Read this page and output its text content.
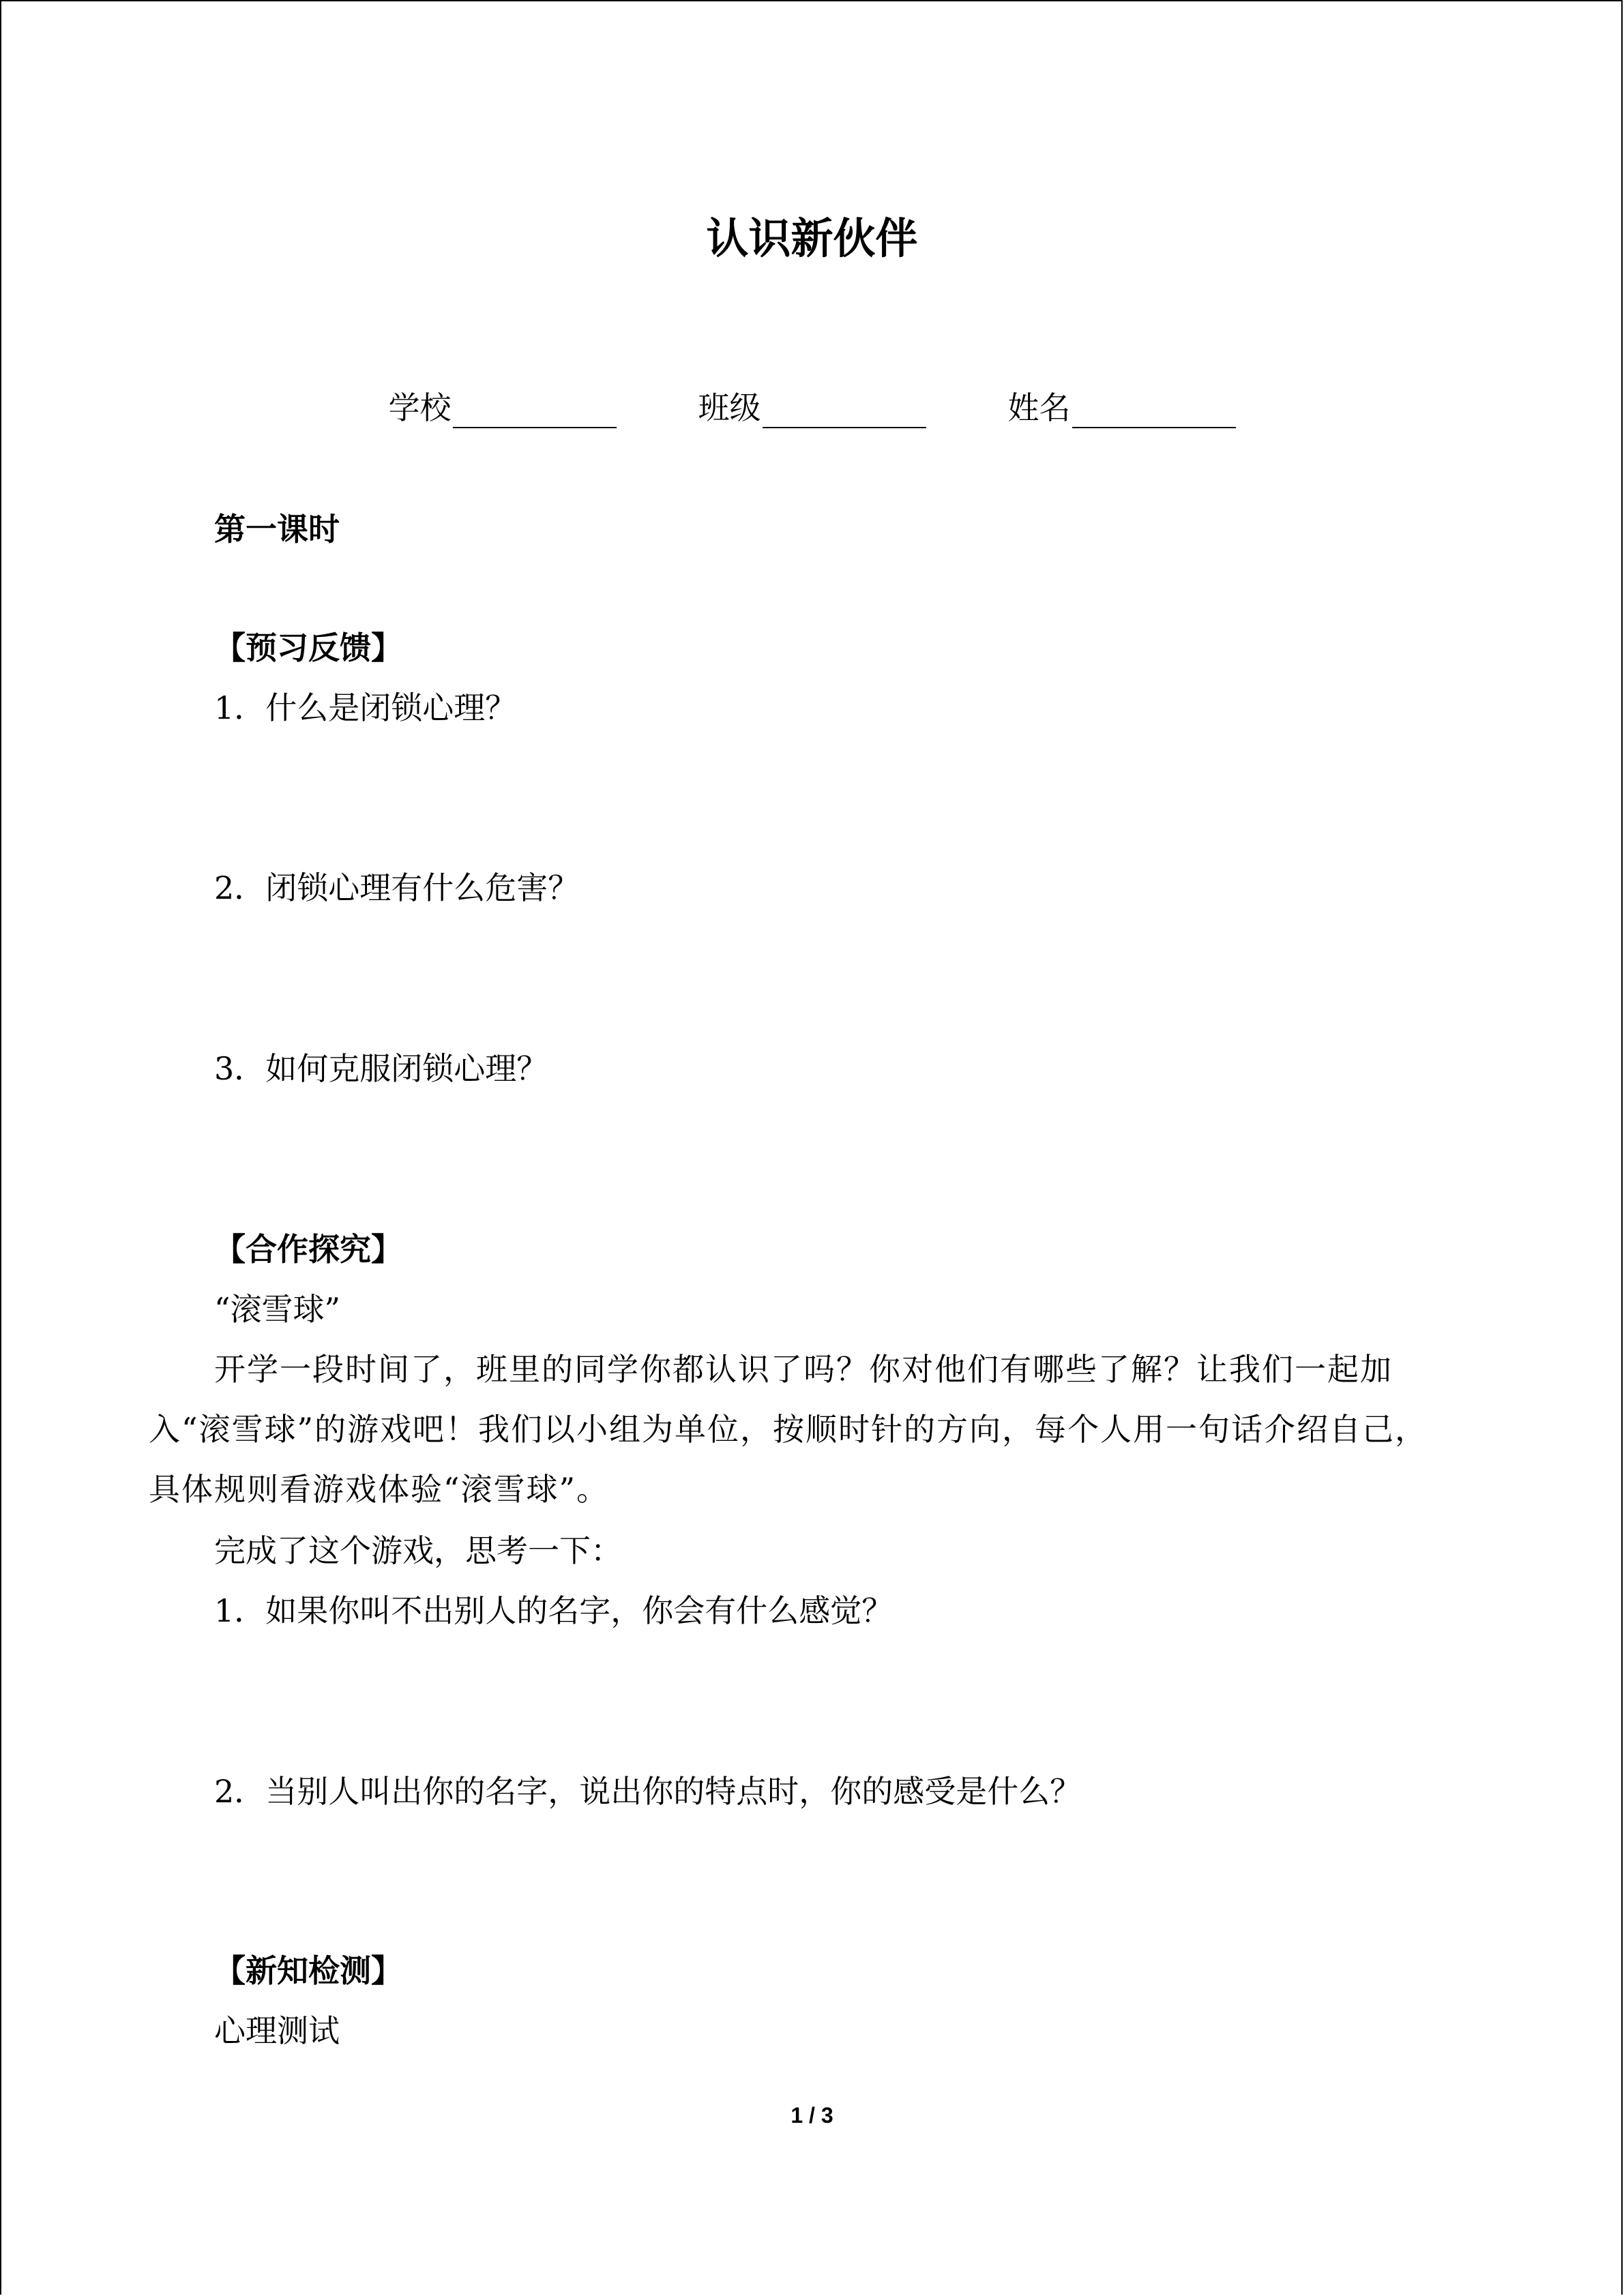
认识新伙伴
学校	班级	姓名
第一课时
【预习反馈】
1．什么是闭锁心理？
2．闭锁心理有什么危害？
3．如何克服闭锁心理？
【合作探究】
“滚雪球”
开学一段时间了，班里的同学你都认识了吗？你对他们有哪些了解？让我们一起加入“滚雪球”的游戏吧！我们以小组为单位，按顺时针的方向，每个人用一句话介绍自己，具体规则看游戏体验“滚雪球”。
完成了这个游戏，思考一下：
1．如果你叫不出别人的名字，你会有什么感觉？
2．当别人叫出你的名字，说出你的特点时，你的感受是什么？
【新知检测】
心理测试
1 / 3
